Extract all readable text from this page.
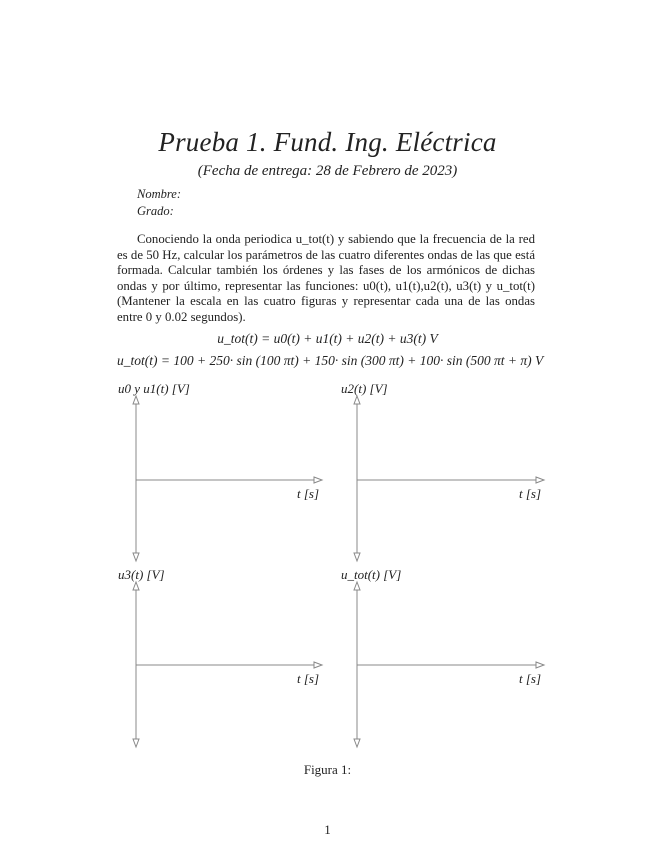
Prueba 1. Fund. Ing. Eléctrica
(Fecha de entrega: 28 de Febrero de 2023)
Nombre:
Grado:
Conociendo la onda periodica u_tot(t) y sabiendo que la frecuencia de la red es de 50 Hz, calcular los parámetros de las cuatro diferentes ondas de las que está formada. Calcular también los órdenes y las fases de los armónicos de dichas ondas y por último, representar las funciones: u0(t), u1(t),u2(t), u3(t) y u_tot(t) (Mantener la escala en las cuatro figuras y representar cada una de las ondas entre 0 y 0.02 segundos).
u_tot(t) = u0(t) + u1(t) + u2(t) + u3(t) V
u_tot(t) = 100 + 250· sin (100 πt) + 150· sin (300 πt) + 100· sin (500 πt + π) V
u0 y u1(t) [V]
t [s]
u2(t) [V]
t [s]
u3(t) [V]
t [s]
u_tot(t) [V]
t [s]
Figura 1:
1
